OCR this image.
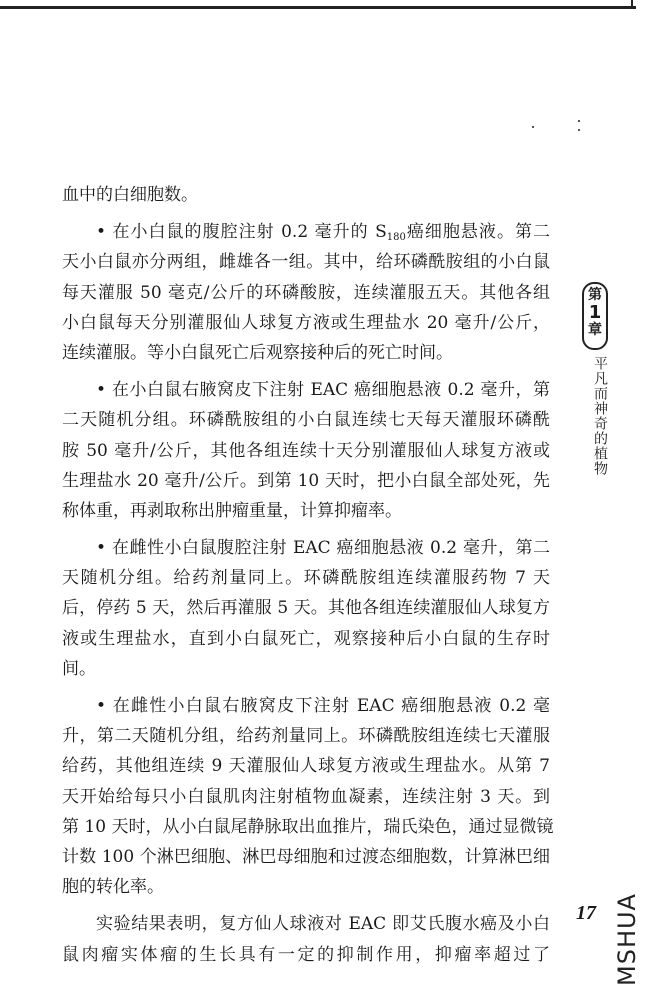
血中的白细胞数。
• 在小白鼠的腹腔注射 0.2 毫升的 $S_{180}$癌细胞悬液。第二
天小白鼠亦分两组，雌雄各一组。其中，给环磷酰胺组的小白鼠
每天灌服 50 毫克/公斤的环磷酸胺，连续灌服五天。其他各组
小白鼠每天分别灌服仙人球复方液或生理盐水 20 毫升/公斤，
连续灌服。等小白鼠死亡后观察接种后的死亡时间。
• 在小白鼠右腋窝皮下注射 EAC 癌细胞悬液 0.2 毫升，第
二天随机分组。环磷酰胺组的小白鼠连续七天每天灌服环磷酰
胺 50 毫升/公斤，其他各组连续十天分别灌服仙人球复方液或
生理盐水 20 毫升/公斤。到第 10 天时，把小白鼠全部处死，先
称体重，再剥取称出肿瘤重量，计算抑瘤率。
• 在雌性小白鼠腹腔注射 EAC 癌细胞悬液 0.2 毫升，第二
天随机分组。给药剂量同上。环磷酰胺组连续灌服药物 7 天
后，停药 5 天，然后再灌服 5 天。其他各组连续灌服仙人球复方
液或生理盐水，直到小白鼠死亡，观察接种后小白鼠的生存时
间。
• 在雌性小白鼠右腋窝皮下注射 EAC 癌细胞悬液 0.2 毫
升，第二天随机分组，给药剂量同上。环磷酰胺组连续七天灌服
给药，其他组连续 9 天灌服仙人球复方液或生理盐水。从第 7
天开始给每只小白鼠肌肉注射植物血凝素，连续注射 3 天。到
第 10 天时，从小白鼠尾静脉取出血推片，瑞氏染色，通过显微镜
计数 100 个淋巴细胞、淋巴母细胞和过渡态细胞数，计算淋巴细
胞的转化率。
实验结果表明，复方仙人球液对 EAC 即艾氏腹水癌及小白
鼠肉瘤实体瘤的生长具有一定的抑制作用，抑瘤率超过了
第
1
章
平凡而神奇的植物
17 MSHUA
